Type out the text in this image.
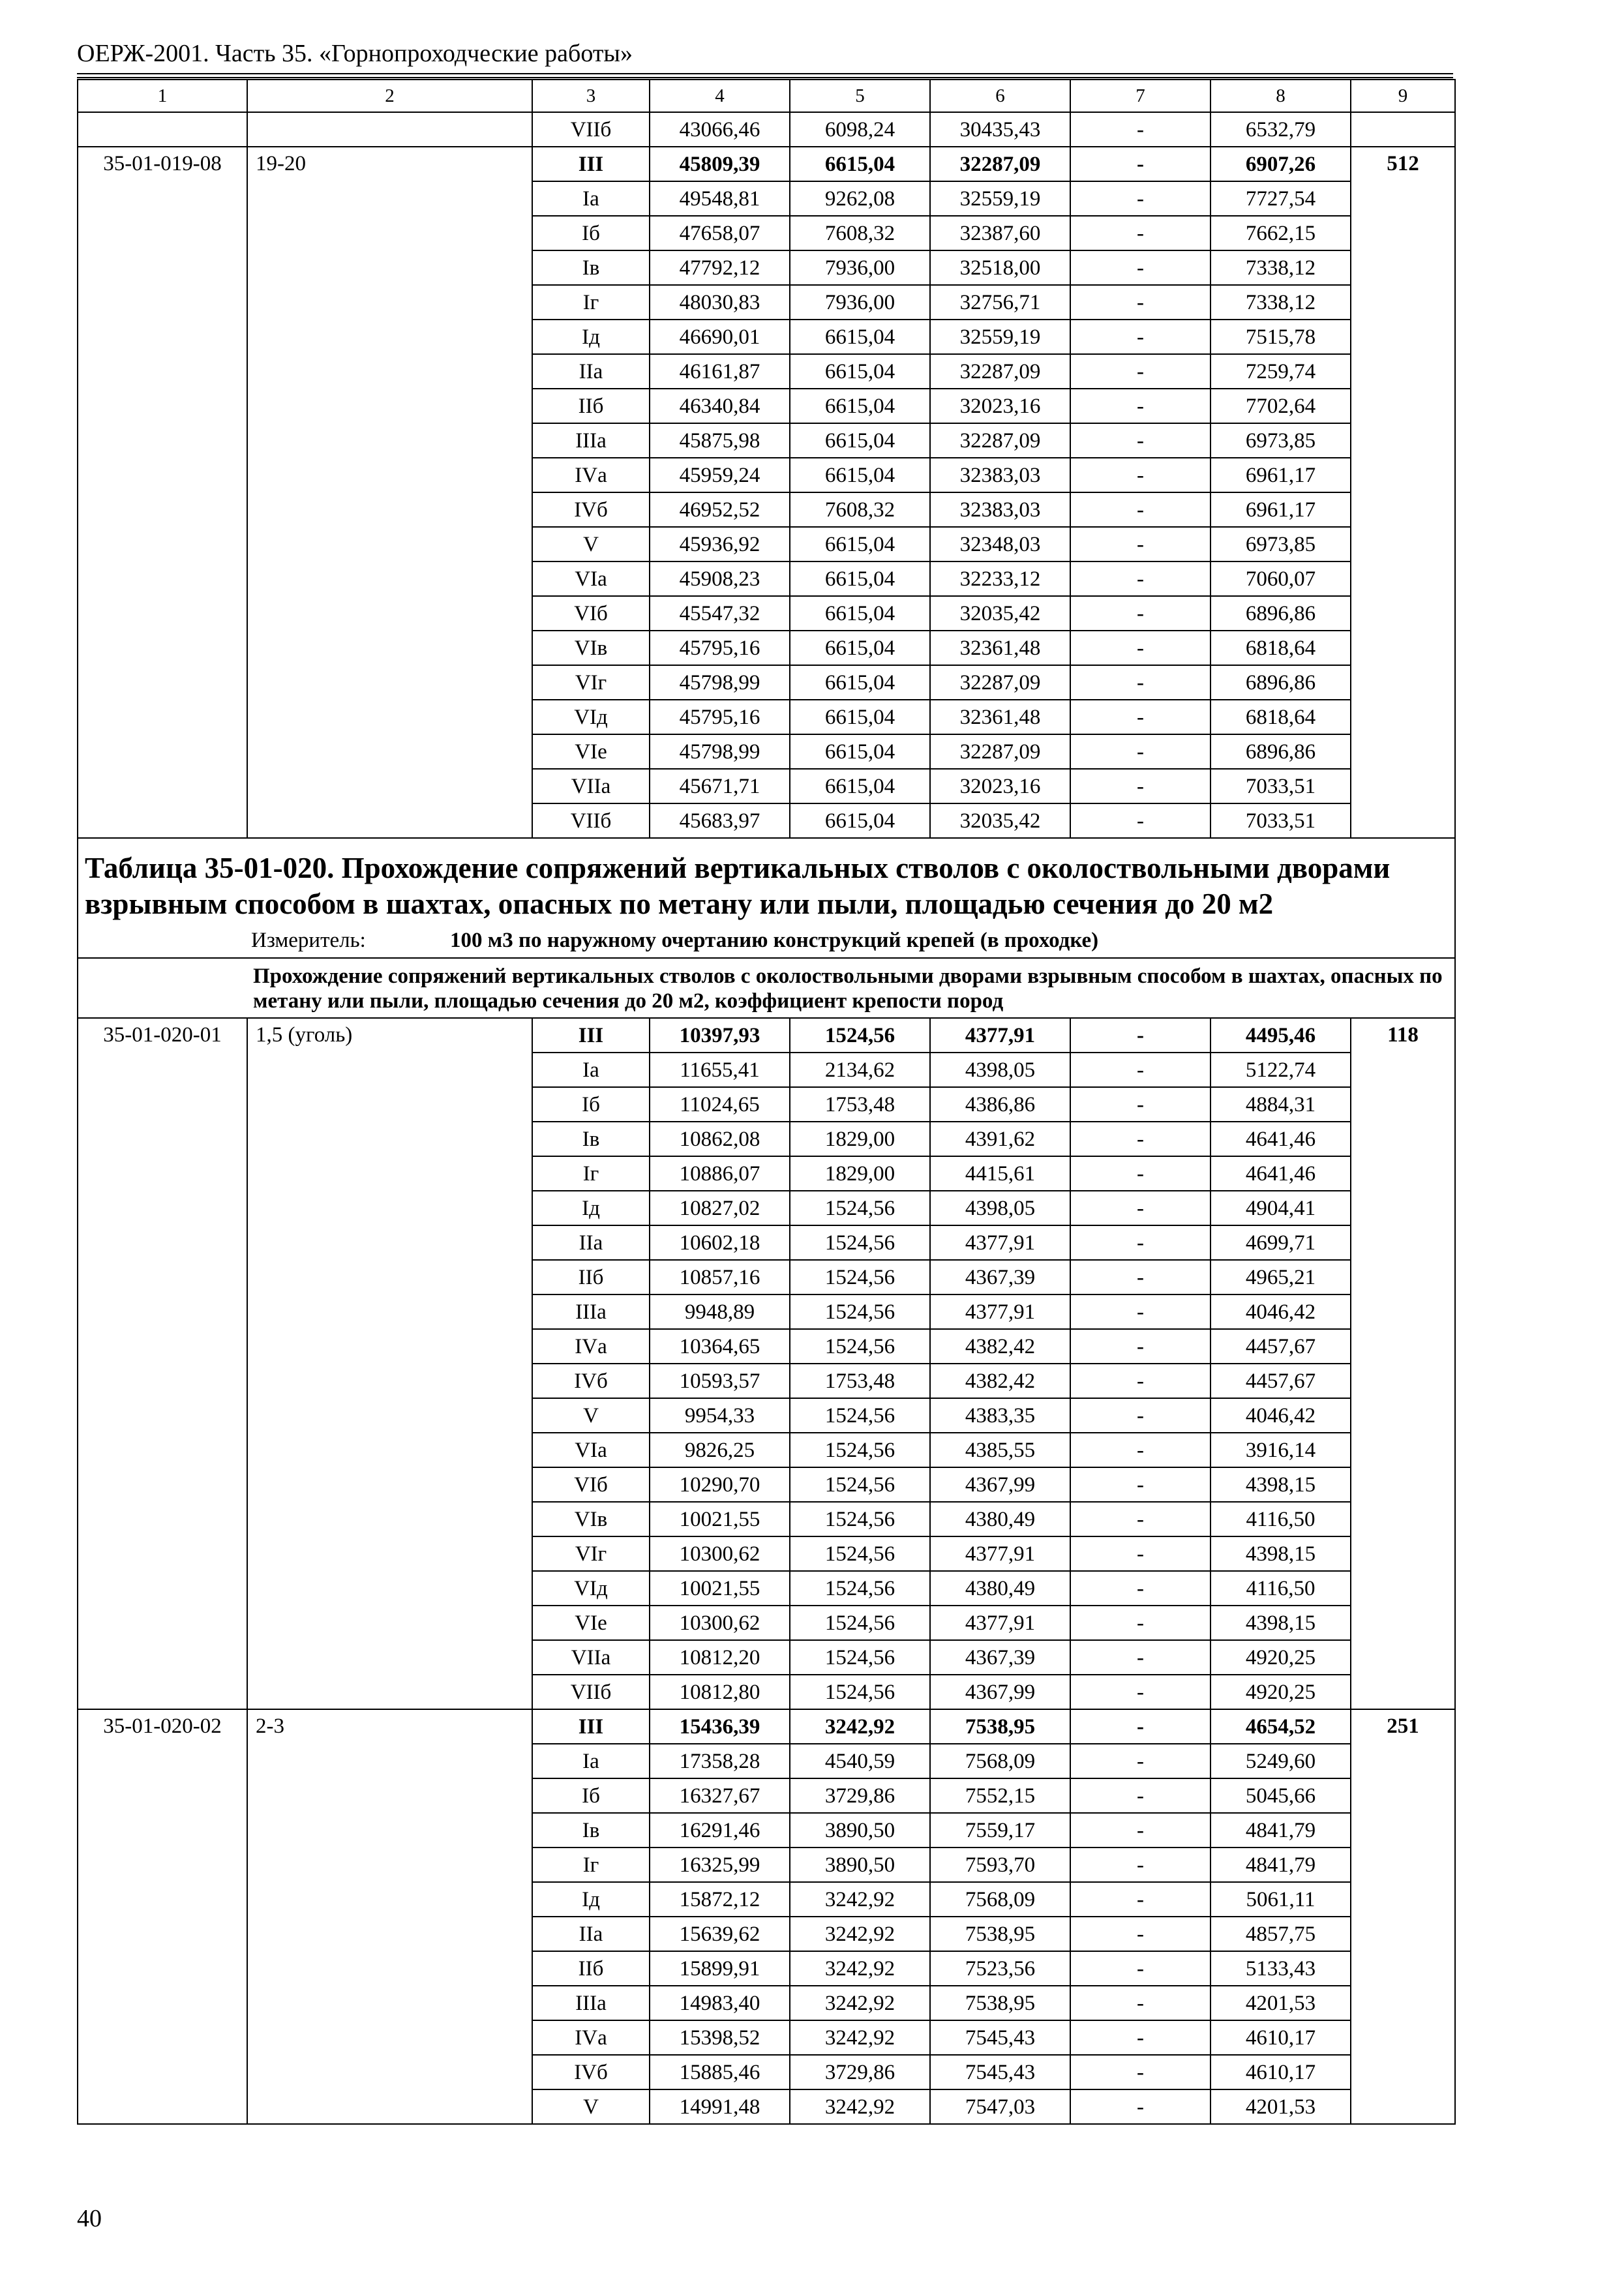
ОЕРЖ-2001. Часть 35. «Горнопроходческие работы»
1	2	3	4	5	6	7	8	9
		VIIб	43066,46	6098,24	30435,43	-	6532,79	
35-01-019-08	19-20	III	45809,39	6615,04	32287,09	-	6907,26	512
		Iа	49548,81	9262,08	32559,19	-	7727,54	
		Iб	47658,07	7608,32	32387,60	-	7662,15	
		Iв	47792,12	7936,00	32518,00	-	7338,12	
		Iг	48030,83	7936,00	32756,71	-	7338,12	
		Iд	46690,01	6615,04	32559,19	-	7515,78	
		IIа	46161,87	6615,04	32287,09	-	7259,74	
		IIб	46340,84	6615,04	32023,16	-	7702,64	
		IIIа	45875,98	6615,04	32287,09	-	6973,85	
		IVа	45959,24	6615,04	32383,03	-	6961,17	
		IVб	46952,52	7608,32	32383,03	-	6961,17	
		V	45936,92	6615,04	32348,03	-	6973,85	
		VIа	45908,23	6615,04	32233,12	-	7060,07	
		VIб	45547,32	6615,04	32035,42	-	6896,86	
		VIв	45795,16	6615,04	32361,48	-	6818,64	
		VIг	45798,99	6615,04	32287,09	-	6896,86	
		VIд	45795,16	6615,04	32361,48	-	6818,64	
		VIе	45798,99	6615,04	32287,09	-	6896,86	
		VIIа	45671,71	6615,04	32023,16	-	7033,51	
		VIIб	45683,97	6615,04	32035,42	-	7033,51	

Таблица 35-01-020. Прохождение сопряжений вертикальных стволов с околоствольными дворами взрывным способом в шахтах, опасных по метану или пыли, площадью сечения до 20 м2
Измеритель: 100 м3 по наружному очертанию конструкций крепей (в проходке)								

Прохождение сопряжений вертикальных стволов с околоствольными дворами взрывным способом в шахтах, опасных по метану или пыли, площадью сечения до 20 м2, коэффициент крепости пород								
35-01-020-01	1,5 (уголь)	III	10397,93	1524,56	4377,91	-	4495,46	118
		Iа	11655,41	2134,62	4398,05	-	5122,74	
		Iб	11024,65	1753,48	4386,86	-	4884,31	
		Iв	10862,08	1829,00	4391,62	-	4641,46	
		Iг	10886,07	1829,00	4415,61	-	4641,46	
		Iд	10827,02	1524,56	4398,05	-	4904,41	
		IIа	10602,18	1524,56	4377,91	-	4699,71	
		IIб	10857,16	1524,56	4367,39	-	4965,21	
		IIIа	9948,89	1524,56	4377,91	-	4046,42	
		IVа	10364,65	1524,56	4382,42	-	4457,67	
		IVб	10593,57	1753,48	4382,42	-	4457,67	
		V	9954,33	1524,56	4383,35	-	4046,42	
		VIа	9826,25	1524,56	4385,55	-	3916,14	
		VIб	10290,70	1524,56	4367,99	-	4398,15	
		VIв	10021,55	1524,56	4380,49	-	4116,50	
		VIг	10300,62	1524,56	4377,91	-	4398,15	
		VIд	10021,55	1524,56	4380,49	-	4116,50	
		VIе	10300,62	1524,56	4377,91	-	4398,15	
		VIIа	10812,20	1524,56	4367,39	-	4920,25	
		VIIб	10812,80	1524,56	4367,99	-	4920,25	
35-01-020-02	2-3	III	15436,39	3242,92	7538,95	-	4654,52	251
		Iа	17358,28	4540,59	7568,09	-	5249,60	
		Iб	16327,67	3729,86	7552,15	-	5045,66	
		Iв	16291,46	3890,50	7559,17	-	4841,79	
		Iг	16325,99	3890,50	7593,70	-	4841,79	
		Iд	15872,12	3242,92	7568,09	-	5061,11	
		IIа	15639,62	3242,92	7538,95	-	4857,75	
		IIб	15899,91	3242,92	7523,56	-	5133,43	
		IIIа	14983,40	3242,92	7538,95	-	4201,53	
		IVа	15398,52	3242,92	7545,43	-	4610,17	
		IVб	15885,46	3729,86	7545,43	-	4610,17	
		V	14991,48	3242,92	7547,03	-	4201,53	
40
